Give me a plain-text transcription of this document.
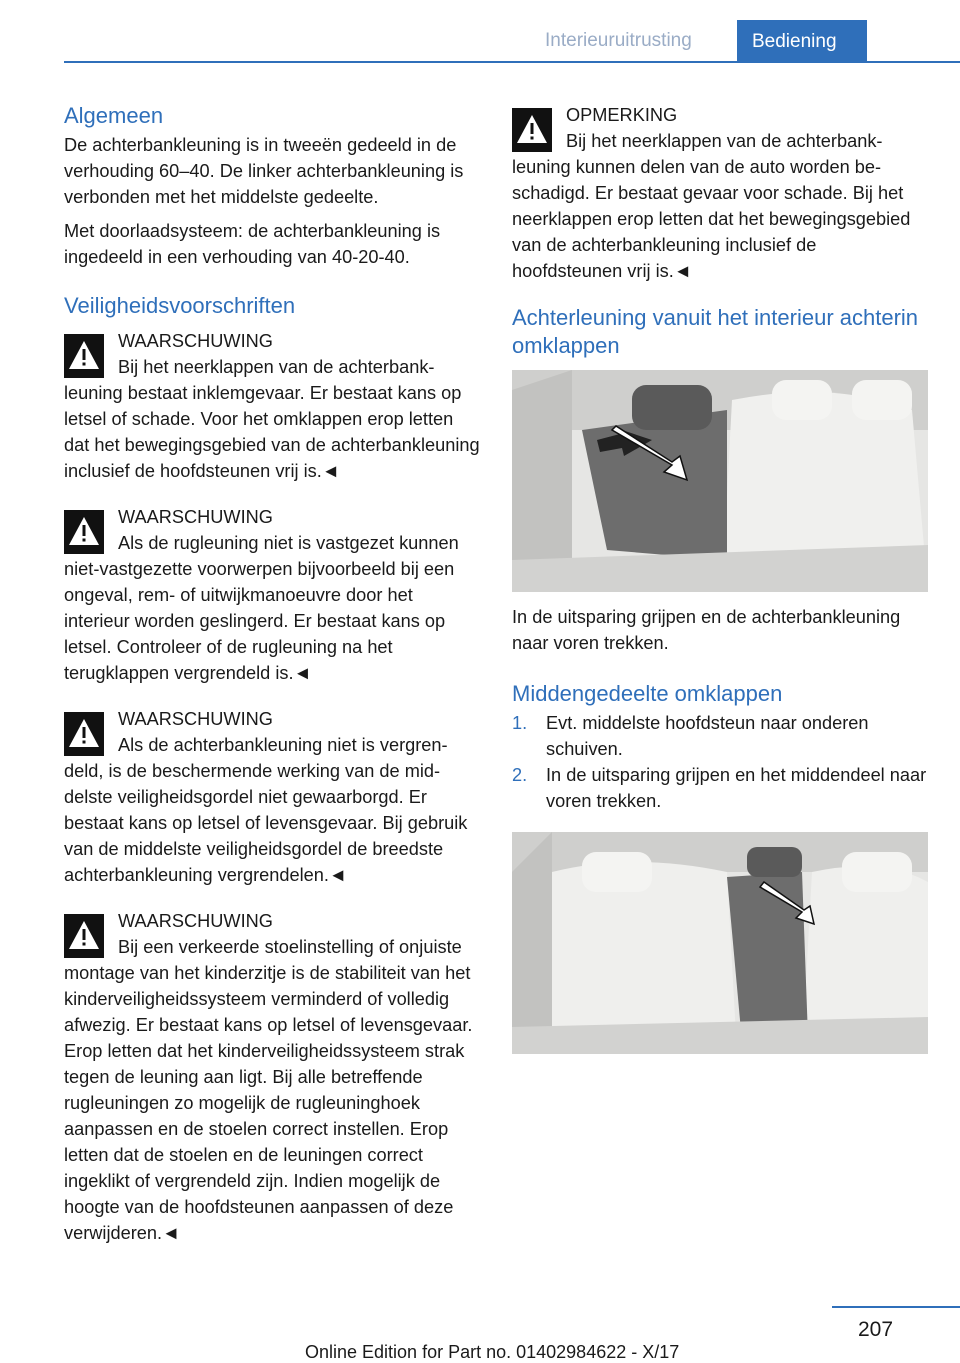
Interieuruitrusting	Bediening
Algemeen

De achterbankleuning is in tweeën gedeeld in de verhouding 60–40. De linker achterbankleuning is verbonden met het middelste gedeelte.

Met doorlaadsysteem: de achterbankleuning is ingedeeld in een verhouding van 40-20-40.

Veiligheidsvoorschriften
WAARSCHUWING
Bij het neerklappen van de achterbankleuning bestaat inklemgevaar. Er bestaat kans op letsel of schade. Voor het omklappen erop letten dat het bewegingsgebied van de achterbankleuning inclusief de hoofdsteunen vrij is.◄
WAARSCHUWING
Als de rugleuning niet is vastgezet kunnen niet-vastgezette voorwerpen bijvoorbeeld bij een ongeval, rem- of uitwijkmanoeuvre door het interieur worden geslingerd. Er bestaat kans op letsel. Controleer of de rugleuning na het terugklappen vergrendeld is.◄
WAARSCHUWING
Als de achterbankleuning niet is vergrendeld, is de beschermende werking van de middelste veiligheidsgordel niet gewaarborgd. Er bestaat kans op letsel of levensgevaar. Bij gebruik van de middelste veiligheidsgordel de breedste achterbankleuning vergrendelen.◄
WAARSCHUWING
Bij een verkeerde stoelinstelling of onjuiste montage van het kinderzitje is de stabiliteit van het kinderveiligheidssysteem verminderd of volledig afwezig. Er bestaat kans op letsel of levensgevaar. Erop letten dat het kinderveiligheidssysteem strak tegen de leuning aan ligt. Bij alle betreffende rugleuningen zo mogelijk de rugleuninghoek aanpassen en de stoelen correct instellen. Erop letten dat de stoelen en de leuningen correct ingeklikt of vergrendeld zijn. Indien mogelijk de hoogte van de hoofdsteunen aanpassen of deze verwijderen.◄
OPMERKING
Bij het neerklappen van de achterbankleuning kunnen delen van de auto worden beschadigd. Er bestaat gevaar voor schade. Bij het neerklappen erop letten dat het bewegingsgebied van de achterbankleuning inclusief de hoofdsteunen vrij is.◄
Achterleuning vanuit het interieur achterin omklappen

In de uitsparing grijpen en de achterbankleuning naar voren trekken.

Middengedeelte omklappen
1. Evt. middelste hoofdsteun naar onderen schuiven.
2. In de uitsparing grijpen en het middendeel naar voren trekken.
207
Online Edition for Part no. 01402984622 - X/17
